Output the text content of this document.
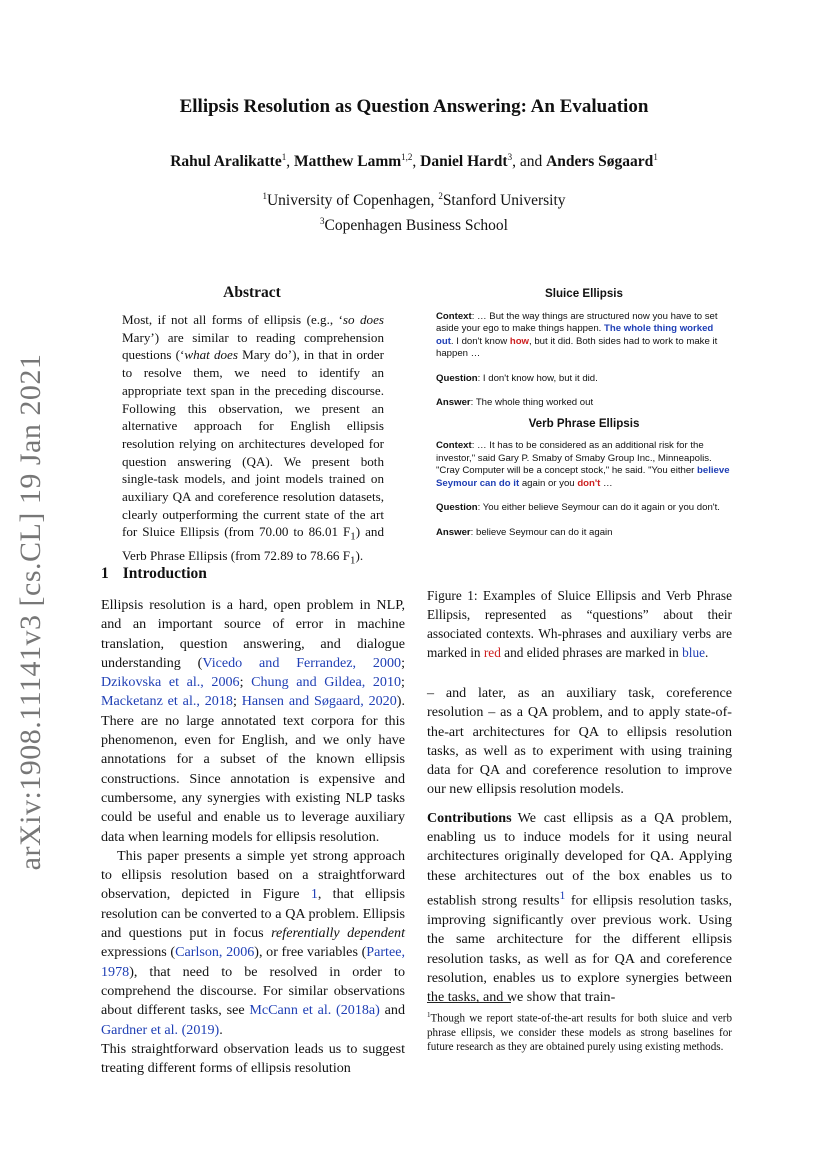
arXiv:1908.11141v3 [cs.CL] 19 Jan 2021
Ellipsis Resolution as Question Answering: An Evaluation
Rahul Aralikatte$^1$, Matthew Lamm$^{1,2}$, Daniel Hardt$^3$, and Anders Søgaard$^1$
$^1$University of Copenhagen, $^2$Stanford University
$^3$Copenhagen Business School
Abstract
Most, if not all forms of ellipsis (e.g., ‘so does Mary’) are similar to reading comprehension questions (‘what does Mary do’), in that in order to resolve them, we need to identify an appropriate text span in the preceding discourse. Following this observation, we present an alternative approach for English ellipsis resolution relying on architectures developed for question answering (QA). We present both single-task models, and joint models trained on auxiliary QA and coreference resolution datasets, clearly outperforming the current state of the art for Sluice Ellipsis (from 70.00 to 86.01 $F_1$) and Verb Phrase Ellipsis (from 72.89 to 78.66 $F_1$).
1 Introduction

Ellipsis resolution is a hard, open problem in NLP, and an important source of error in machine translation, question answering, and dialogue understanding (Vicedo and Ferrandez, 2000; Dzikovska et al., 2006; Chung and Gildea, 2010; Macketanz et al., 2018; Hansen and Søgaard, 2020). There are no large annotated text corpora for this phenomenon, even for English, and we only have annotations for a subset of the known ellipsis constructions. Since annotation is expensive and cumbersome, any synergies with existing NLP tasks could be useful and enable us to leverage auxiliary data when learning models for ellipsis resolution.

This paper presents a simple yet strong approach to ellipsis resolution based on a straightforward observation, depicted in Figure 1, that ellipsis resolution can be converted to a QA problem. Ellipsis and questions put in focus referentially dependent expressions (Carlson, 2006), or free variables (Partee, 1978), that need to be resolved in order to comprehend the discourse. For similar observations about different tasks, see McCann et al. (2018a) and Gardner et al. (2019).

This straightforward observation leads us to suggest treating different forms of ellipsis resolution

Sluice Ellipsis

Context: … But the way things are structured now you have to set aside your ego to make things happen. The whole thing worked out. I don't know how, but it did. Both sides had to work to make it happen …

Question: I don't know how, but it did.

Answer: The whole thing worked out

Verb Phrase Ellipsis

Context: … It has to be considered as an additional risk for the investor," said Gary P. Smaby of Smaby Group Inc., Minneapolis. "Cray Computer will be a concept stock," he said. "You either believe Seymour can do it again or you don't …

Question: You either believe Seymour can do it again or you don't.

Answer: believe Seymour can do it again

Figure 1: Examples of Sluice Ellipsis and Verb Phrase Ellipsis, represented as “questions” about their associated contexts. Wh-phrases and auxiliary verbs are marked in red and elided phrases are marked in blue.

– and later, as an auxiliary task, coreference resolution – as a QA problem, and to apply state-of-the-art architectures for QA to ellipsis resolution tasks, as well as to experiment with using training data for QA and coreference resolution to improve our new ellipsis resolution models.

Contributions We cast ellipsis as a QA problem, enabling us to induce models for it using neural architectures originally developed for QA. Applying these architectures out of the box enables us to establish strong results$^1$ for ellipsis resolution tasks, improving significantly over previous work. Using the same architecture for the different ellipsis resolution tasks, as well as for QA and coreference resolution, enables us to explore synergies between the tasks, and we show that train-

$^1$Though we report state-of-the-art results for both sluice and verb phrase ellipsis, we consider these models as strong baselines for future research as they are obtained purely using existing methods.
